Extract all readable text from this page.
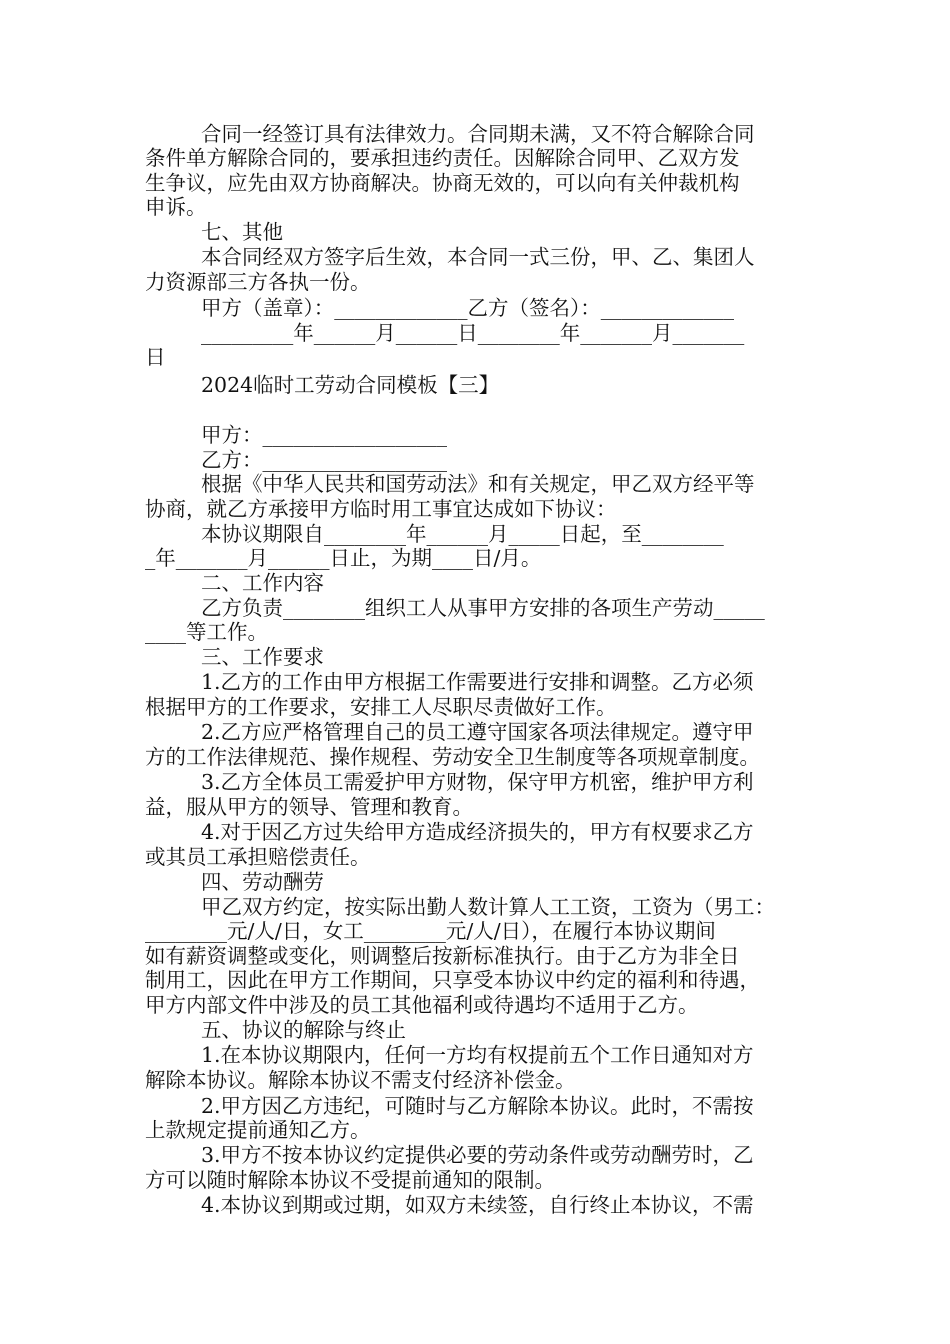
合同一经签订具有法律效力。合同期未满，又不符合解除合同
条件单方解除合同的，要承担违约责任。因解除合同甲、乙双方发
生争议，应先由双方协商解决。协商无效的，可以向有关仲裁机构
申诉。
七、其他
本合同经双方签字后生效，本合同一式三份，甲、乙、集团人
力资源部三方各执一份。
甲方（盖章）：_____________乙方（签名）：_____________
_________年______月______日________年_______月_______
日
2024临时工劳动合同模板【三】
甲方：__________________
乙方：__________________
根据《中华人民共和国劳动法》和有关规定，甲乙双方经平等
协商，就乙方承接甲方临时用工事宜达成如下协议：
本协议期限自________年______月_____日起，至________
_年_______月______日止，为期____日/月。
二、工作内容
乙方负责________组织工人从事甲方安排的各项生产劳动_____
____等工作。
三、工作要求
1.乙方的工作由甲方根据工作需要进行安排和调整。乙方必须
根据甲方的工作要求，安排工人尽职尽责做好工作。
2.乙方应严格管理自己的员工遵守国家各项法律规定。遵守甲
方的工作法律规范、操作规程、劳动安全卫生制度等各项规章制度。
3.乙方全体员工需爱护甲方财物，保守甲方机密，维护甲方利
益，服从甲方的领导、管理和教育。
4.对于因乙方过失给甲方造成经济损失的，甲方有权要求乙方
或其员工承担赔偿责任。
四、劳动酬劳
甲乙双方约定，按实际出勤人数计算人工工资，工资为（男工：
________元/人/日，女工________元/人/日），在履行本协议期间
如有薪资调整或变化，则调整后按新标准执行。由于乙方为非全日
制用工，因此在甲方工作期间，只享受本协议中约定的福利和待遇，
甲方内部文件中涉及的员工其他福利或待遇均不适用于乙方。
五、协议的解除与终止
1.在本协议期限内，任何一方均有权提前五个工作日通知对方
解除本协议。解除本协议不需支付经济补偿金。
2.甲方因乙方违纪，可随时与乙方解除本协议。此时，不需按
上款规定提前通知乙方。
3.甲方不按本协议约定提供必要的劳动条件或劳动酬劳时，乙
方可以随时解除本协议不受提前通知的限制。
4.本协议到期或过期，如双方未续签，自行终止本协议，不需
